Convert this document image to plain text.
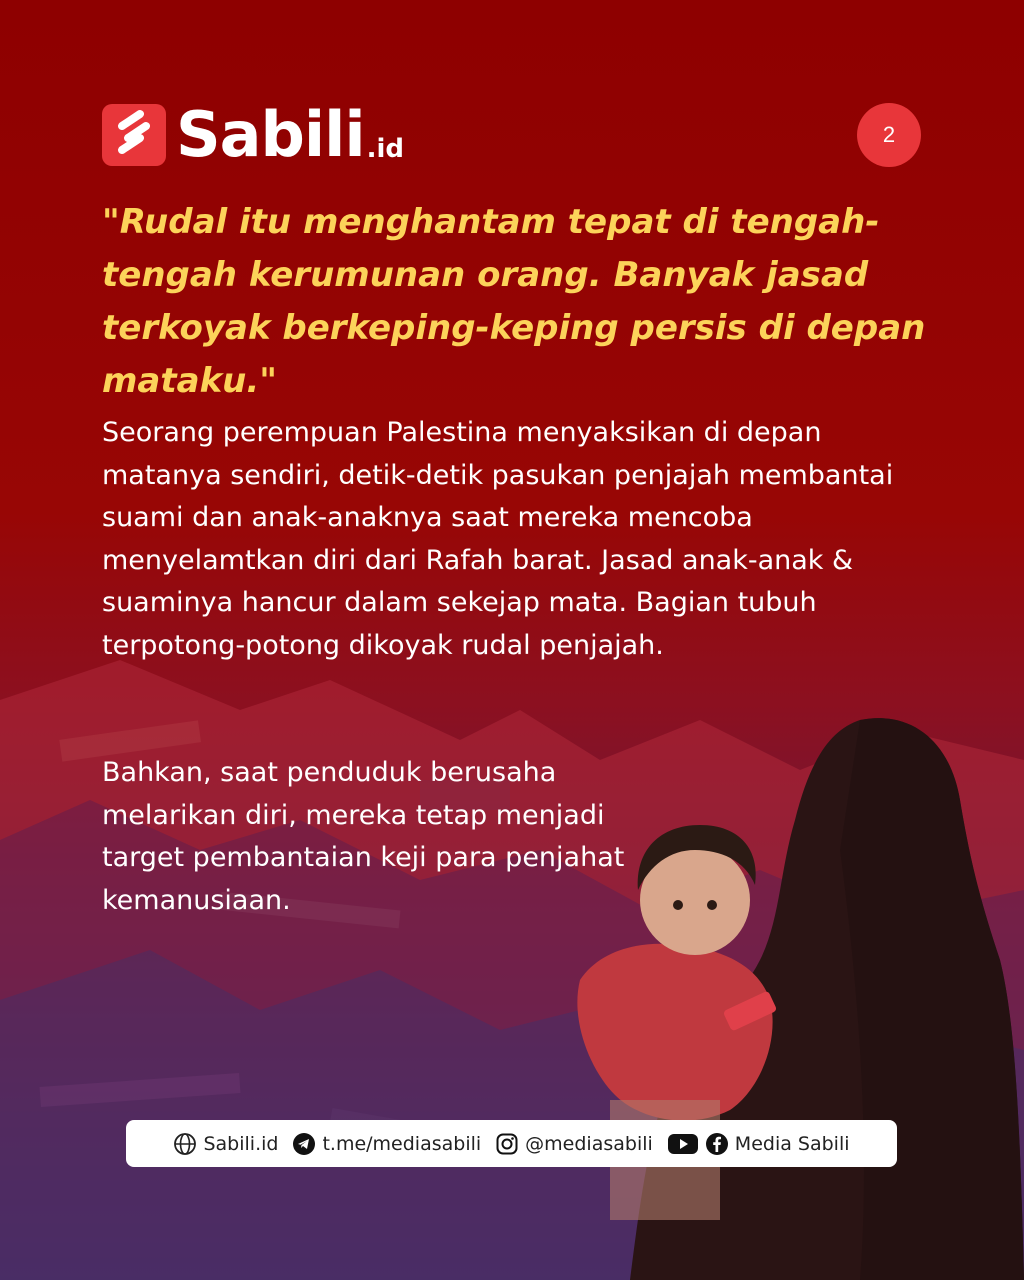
Sabili .id	2

"Rudal itu menghantam tepat di tengah-tengah kerumunan orang. Banyak jasad terkoyak berkeping-keping persis di depan mataku."

Seorang perempuan Palestina menyaksikan di depan matanya sendiri, detik-detik pasukan penjajah membantai suami dan anak-anaknya saat mereka mencoba menyelamtkan diri dari Rafah barat. Jasad anak-anak & suaminya hancur dalam sekejap mata. Bagian tubuh terpotong-potong dikoyak rudal penjajah.

Bahkan, saat penduduk berusaha melarikan diri, mereka tetap menjadi target pembantaian keji para penjahat kemanusiaan.

Sabili.id t.me/mediasabili @mediasabili	Media Sabili
